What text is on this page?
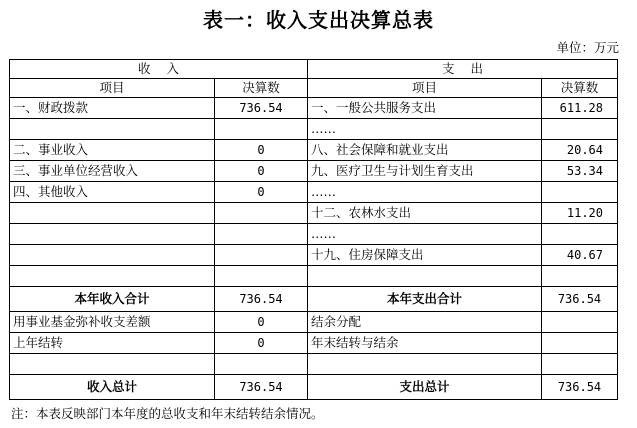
表一：收入支出决算总表
单位：万元
收    入		支    出	
项目	决算数	项目	决算数
一、财政拨款	736.54	一、一般公共服务支出	611.28
		……	
二、事业收入	0	八、社会保障和就业支出	20.64
三、事业单位经营收入	0	九、医疗卫生与计划生育支出	53.34
四、其他收入	0	……	
		十二、农林水支出	11.20
		……	
		十九、住房保障支出	40.67

本年收入合计	736.54	本年支出合计	736.54
用事业基金弥补收支差额	0	结余分配	
上年结转	0	年末结转与结余	

收入总计	736.54	支出总计	736.54
注：本表反映部门本年度的总收支和年末结转结余情况。
